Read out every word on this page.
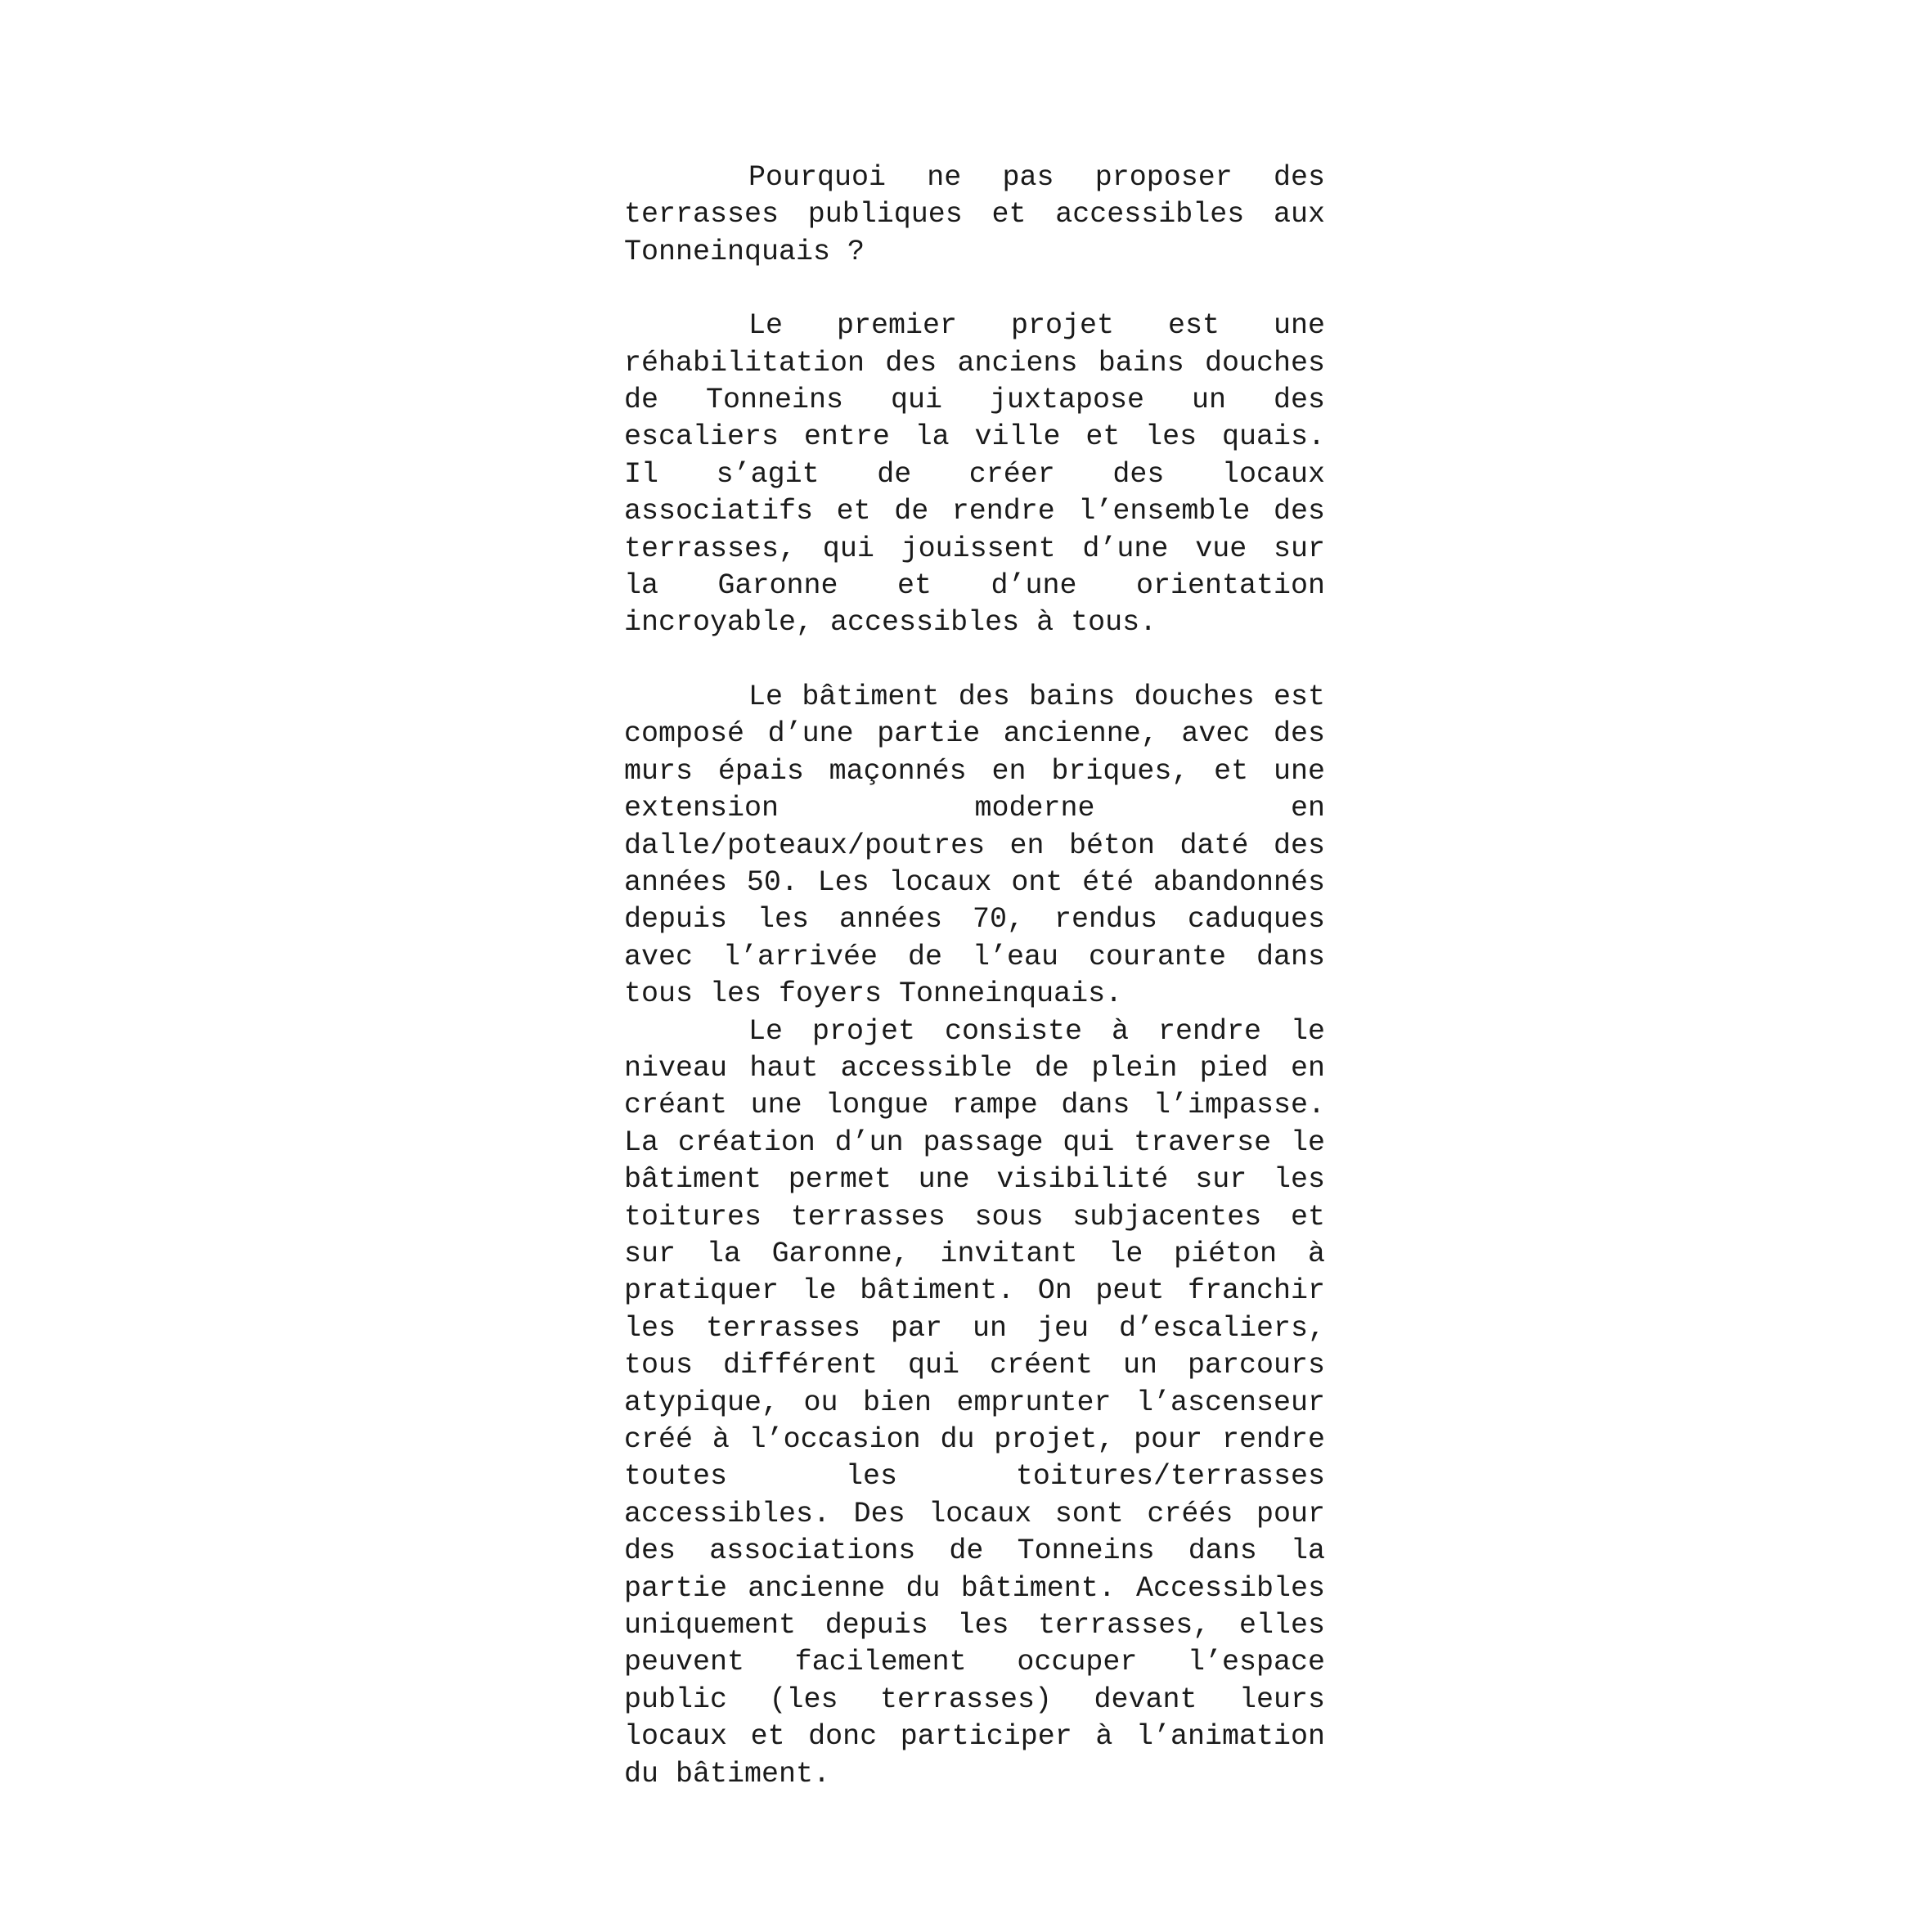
Pourquoi ne pas proposer des terrasses publiques et accessibles aux Tonneinquais ?

Le premier projet est une réhabilitation des anciens bains douches de Tonneins qui juxtapose un des escaliers entre la ville et les quais. Il s’agit de créer des locaux associatifs et de rendre l’ensemble des terrasses, qui jouissent d’une vue sur la Garonne et d’une orientation incroyable, accessibles à tous.

Le bâtiment des bains douches est composé d’une partie ancienne, avec des murs épais maçonnés en briques, et une extension moderne en dalle/poteaux/poutres en béton daté des années 50. Les locaux ont été abandonnés depuis les années 70, rendus caduques avec l’arrivée de l’eau courante dans tous les foyers Tonneinquais.

Le projet consiste à rendre le niveau haut accessible de plein pied en créant une longue rampe dans l’impasse. La création d’un passage qui traverse le bâtiment permet une visibilité sur les toitures terrasses sous subjacentes et sur la Garonne, invitant le piéton à pratiquer le bâtiment. On peut franchir les terrasses par un jeu d’escaliers, tous différent qui créent un parcours atypique, ou bien emprunter l’ascenseur créé à l’occasion du projet, pour rendre toutes les toitures/terrasses accessibles. Des locaux sont créés pour des associations de Tonneins dans la partie ancienne du bâtiment. Accessibles uniquement depuis les terrasses, elles peuvent facilement occuper l’espace public (les terrasses) devant leurs locaux et donc participer à l’animation du bâtiment.
